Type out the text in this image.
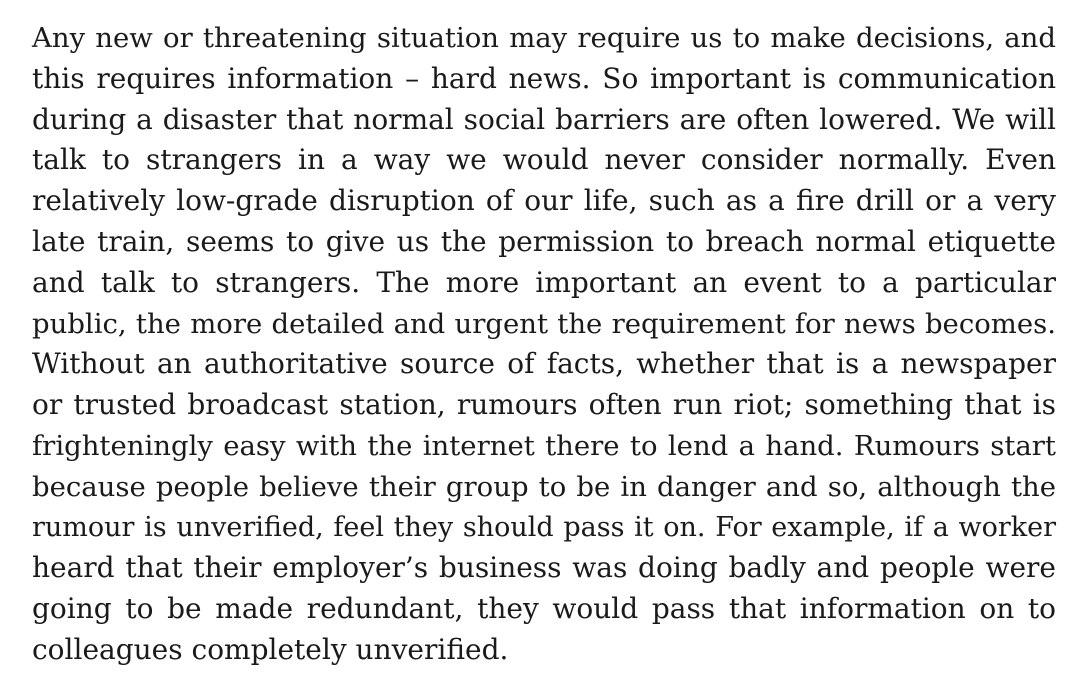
Any new or threatening situation may require us to make decisions, and
this requires information – hard news. So important is communication
during a disaster that normal social barriers are often lowered. We will
talk to strangers in a way we would never consider normally. Even
relatively low-grade disruption of our life, such as a fire drill or a very
late train, seems to give us the permission to breach normal etiquette
and talk to strangers. The more important an event to a particular
public, the more detailed and urgent the requirement for news becomes.
Without an authoritative source of facts, whether that is a newspaper
or trusted broadcast station, rumours often run riot; something that is
frighteningly easy with the internet there to lend a hand. Rumours start
because people believe their group to be in danger and so, although the
rumour is unverified, feel they should pass it on. For example, if a worker
heard that their employer’s business was doing badly and people were
going to be made redundant, they would pass that information on to
colleagues completely unverified.
